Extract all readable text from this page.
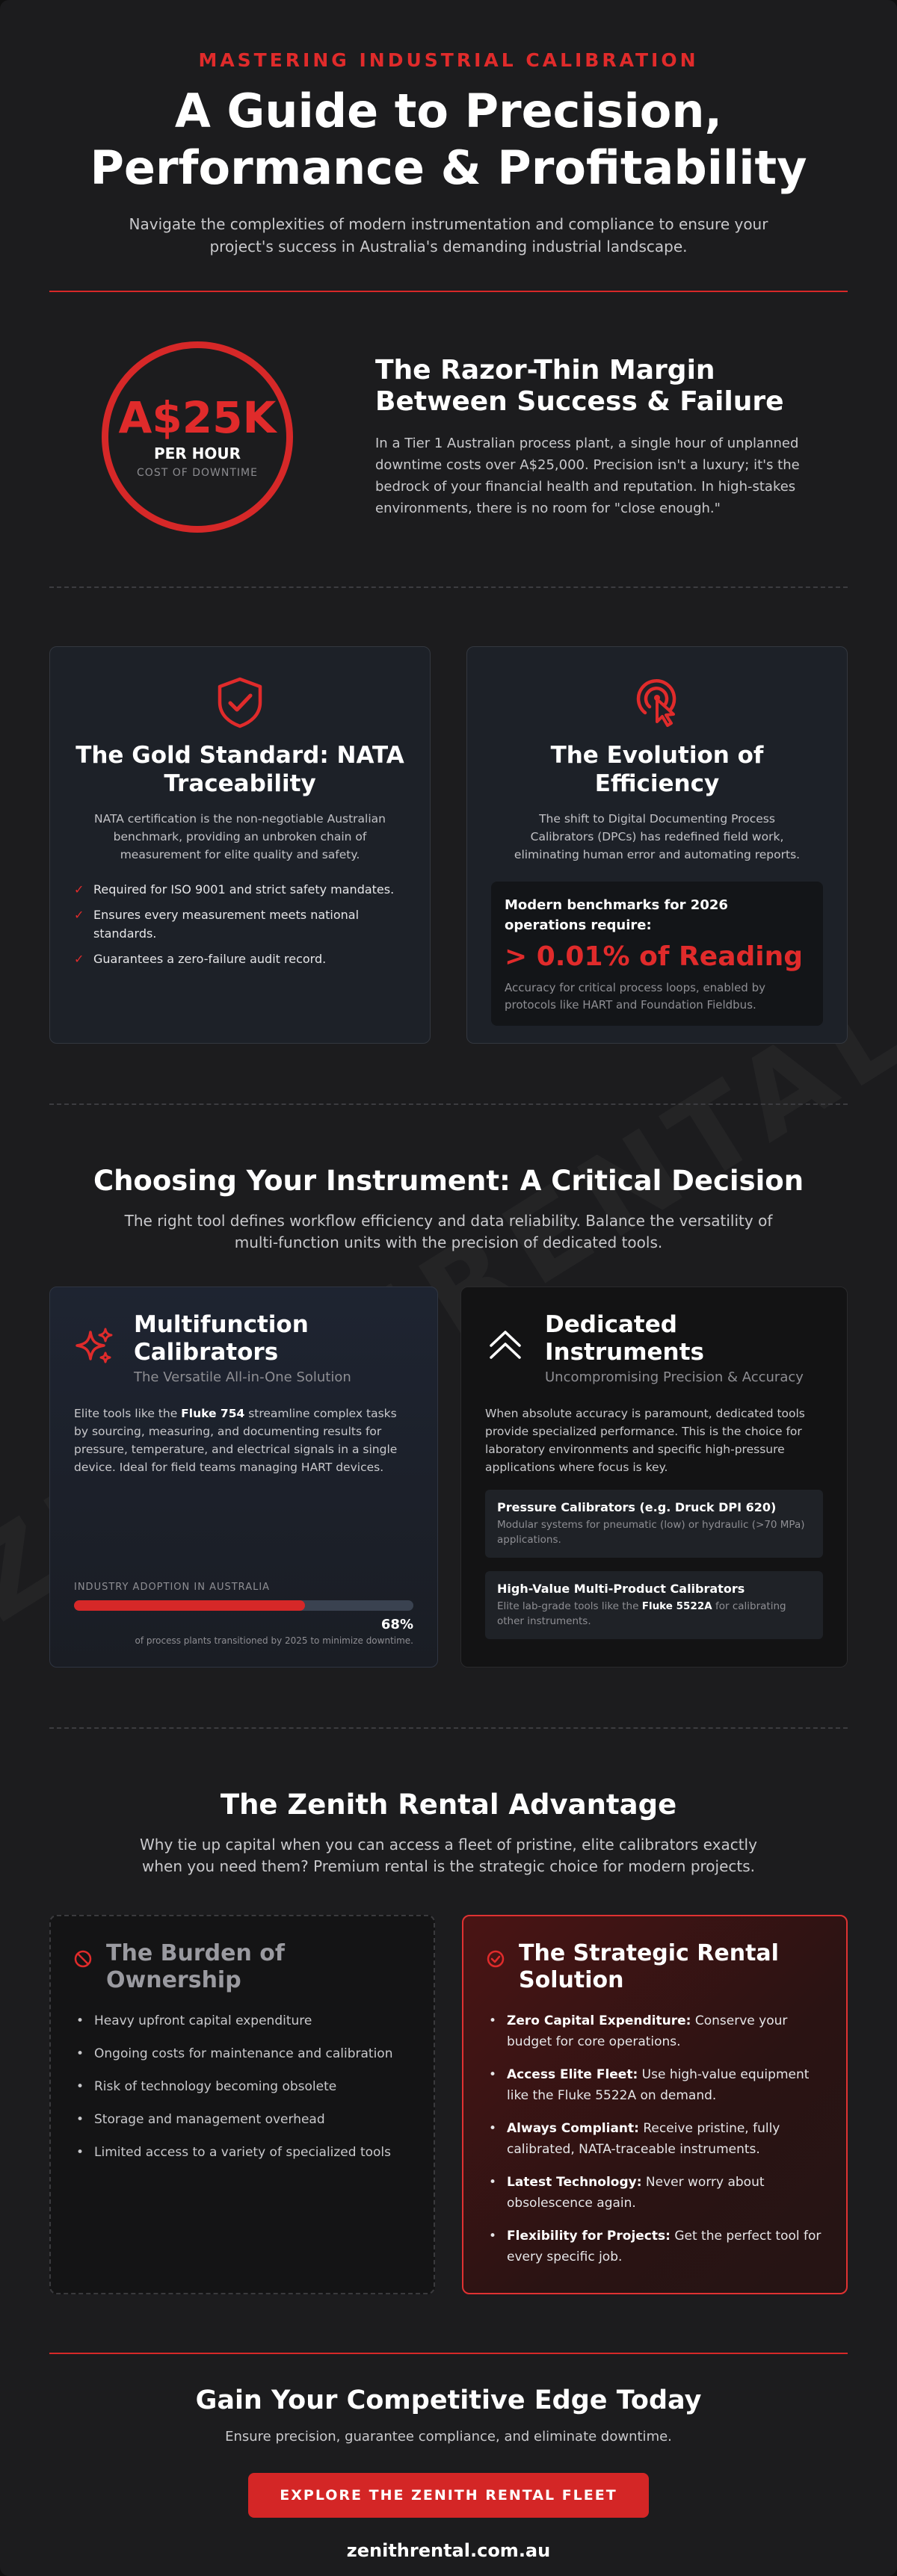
MASTERING INDUSTRIAL CALIBRATION
A Guide to Precision,
Performance & Profitability

Navigate the complexities of modern instrumentation and compliance to ensure your project's success in Australia's demanding industrial landscape.

A$25K
PER HOUR
COST OF DOWNTIME
The Razor-Thin Margin Between Success & Failure

In a Tier 1 Australian process plant, a single hour of unplanned downtime costs over A$25,000. Precision isn't a luxury; it's the bedrock of your financial health and reputation. In high-stakes environments, there is no room for "close enough."

The Gold Standard: NATA Traceability

NATA certification is the non-negotiable Australian benchmark, providing an unbroken chain of measurement for elite quality and safety.

✓ Required for ISO 9001 and strict safety mandates.
✓ Ensures every measurement meets national standards.
✓ Guarantees a zero-failure audit record.
The Evolution of Efficiency

The shift to Digital Documenting Process Calibrators (DPCs) has redefined field work, eliminating human error and automating reports.

Modern benchmarks for 2026 operations require:
> 0.01% of Reading
Accuracy for critical process loops, enabled by protocols like HART and Foundation Fieldbus.
Choosing Your Instrument: A Critical Decision

The right tool defines workflow efficiency and data reliability. Balance the versatility of multi-function units with the precision of dedicated tools.

Multifunction Calibrators
The Versatile All-in-One Solution

Elite tools like the Fluke 754 streamline complex tasks by sourcing, measuring, and documenting results for pressure, temperature, and electrical signals in a single device. Ideal for field teams managing HART devices.

INDUSTRY ADOPTION IN AUSTRALIA
68%
of process plants transitioned by 2025 to minimize downtime.
Dedicated Instruments
Uncompromising Precision & Accuracy

When absolute accuracy is paramount, dedicated tools provide specialized performance. This is the choice for laboratory environments and specific high-pressure applications where focus is key.

Pressure Calibrators (e.g. Druck DPI 620)
Modular systems for pneumatic (low) or hydraulic (>70 MPa) applications.
High-Value Multi-Product Calibrators
Elite lab-grade tools like the Fluke 5522A for calibrating other instruments.
The Zenith Rental Advantage

Why tie up capital when you can access a fleet of pristine, elite calibrators exactly when you need them? Premium rental is the strategic choice for modern projects.

The Burden of Ownership
• Heavy upfront capital expenditure
• Ongoing costs for maintenance and calibration
• Risk of technology becoming obsolete
• Storage and management overhead
• Limited access to a variety of specialized tools
The Strategic Rental Solution
• Zero Capital Expenditure: Conserve your budget for core operations.
• Access Elite Fleet: Use high-value equipment like the Fluke 5522A on demand.
• Always Compliant: Receive pristine, fully calibrated, NATA-traceable instruments.
• Latest Technology: Never worry about obsolescence again.
• Flexibility for Projects: Get the perfect tool for every specific job.
Gain Your Competitive Edge Today

Ensure precision, guarantee compliance, and eliminate downtime.

EXPLORE THE ZENITH RENTAL FLEET
zenithrental.com.au
